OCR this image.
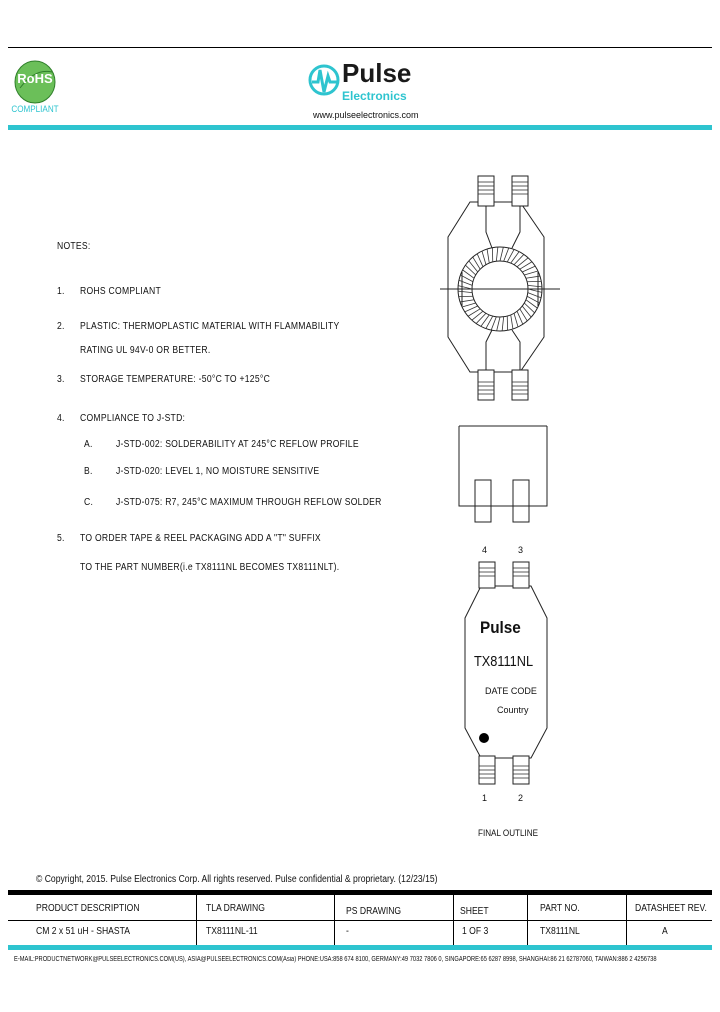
RoHS
COMPLIANT
Pulse
Electronics
www.pulseelectronics.com
NOTES:
1. ROHS COMPLIANT
2. PLASTIC: THERMOPLASTIC MATERIAL WITH FLAMMABILITY
RATING UL 94V-0 OR BETTER.
3. STORAGE TEMPERATURE: -50°C TO +125°C
4. COMPLIANCE TO J-STD:
A. J-STD-002: SOLDERABILITY AT 245°C REFLOW PROFILE
B. J-STD-020: LEVEL 1, NO MOISTURE SENSITIVE
C. J-STD-075: R7, 245°C MAXIMUM THROUGH REFLOW SOLDER
5. TO ORDER TAPE & REEL PACKAGING ADD A "T" SUFFIX
TO THE PART NUMBER(i.e TX8111NL BECOMES TX8111NLT).
4	3
Pulse
TX8111NL
DATE CODE
Country
1	2
FINAL OUTLINE
© Copyright, 2015. Pulse Electronics Corp. All rights reserved. Pulse confidential & proprietary. (12/23/15)
PRODUCT DESCRIPTION	TLA DRAWING	PS DRAWING	SHEET	PART NO.	DATASHEET REV.
CM 2 x 51 uH - SHASTA	TX8111NL-11	-	1 OF 3	TX8111NL	A
E-MAIL:PRODUCTNETWORK@PULSEELECTRONICS.COM(US), ASIA@PULSEELECTRONICS.COM(Asia) PHONE:USA:858 674 8100, GERMANY:49 7032 7806 0, SINGAPORE:65 6287 8998, SHANGHAI:86 21 62787060, TAIWAN:886 2 4256738
